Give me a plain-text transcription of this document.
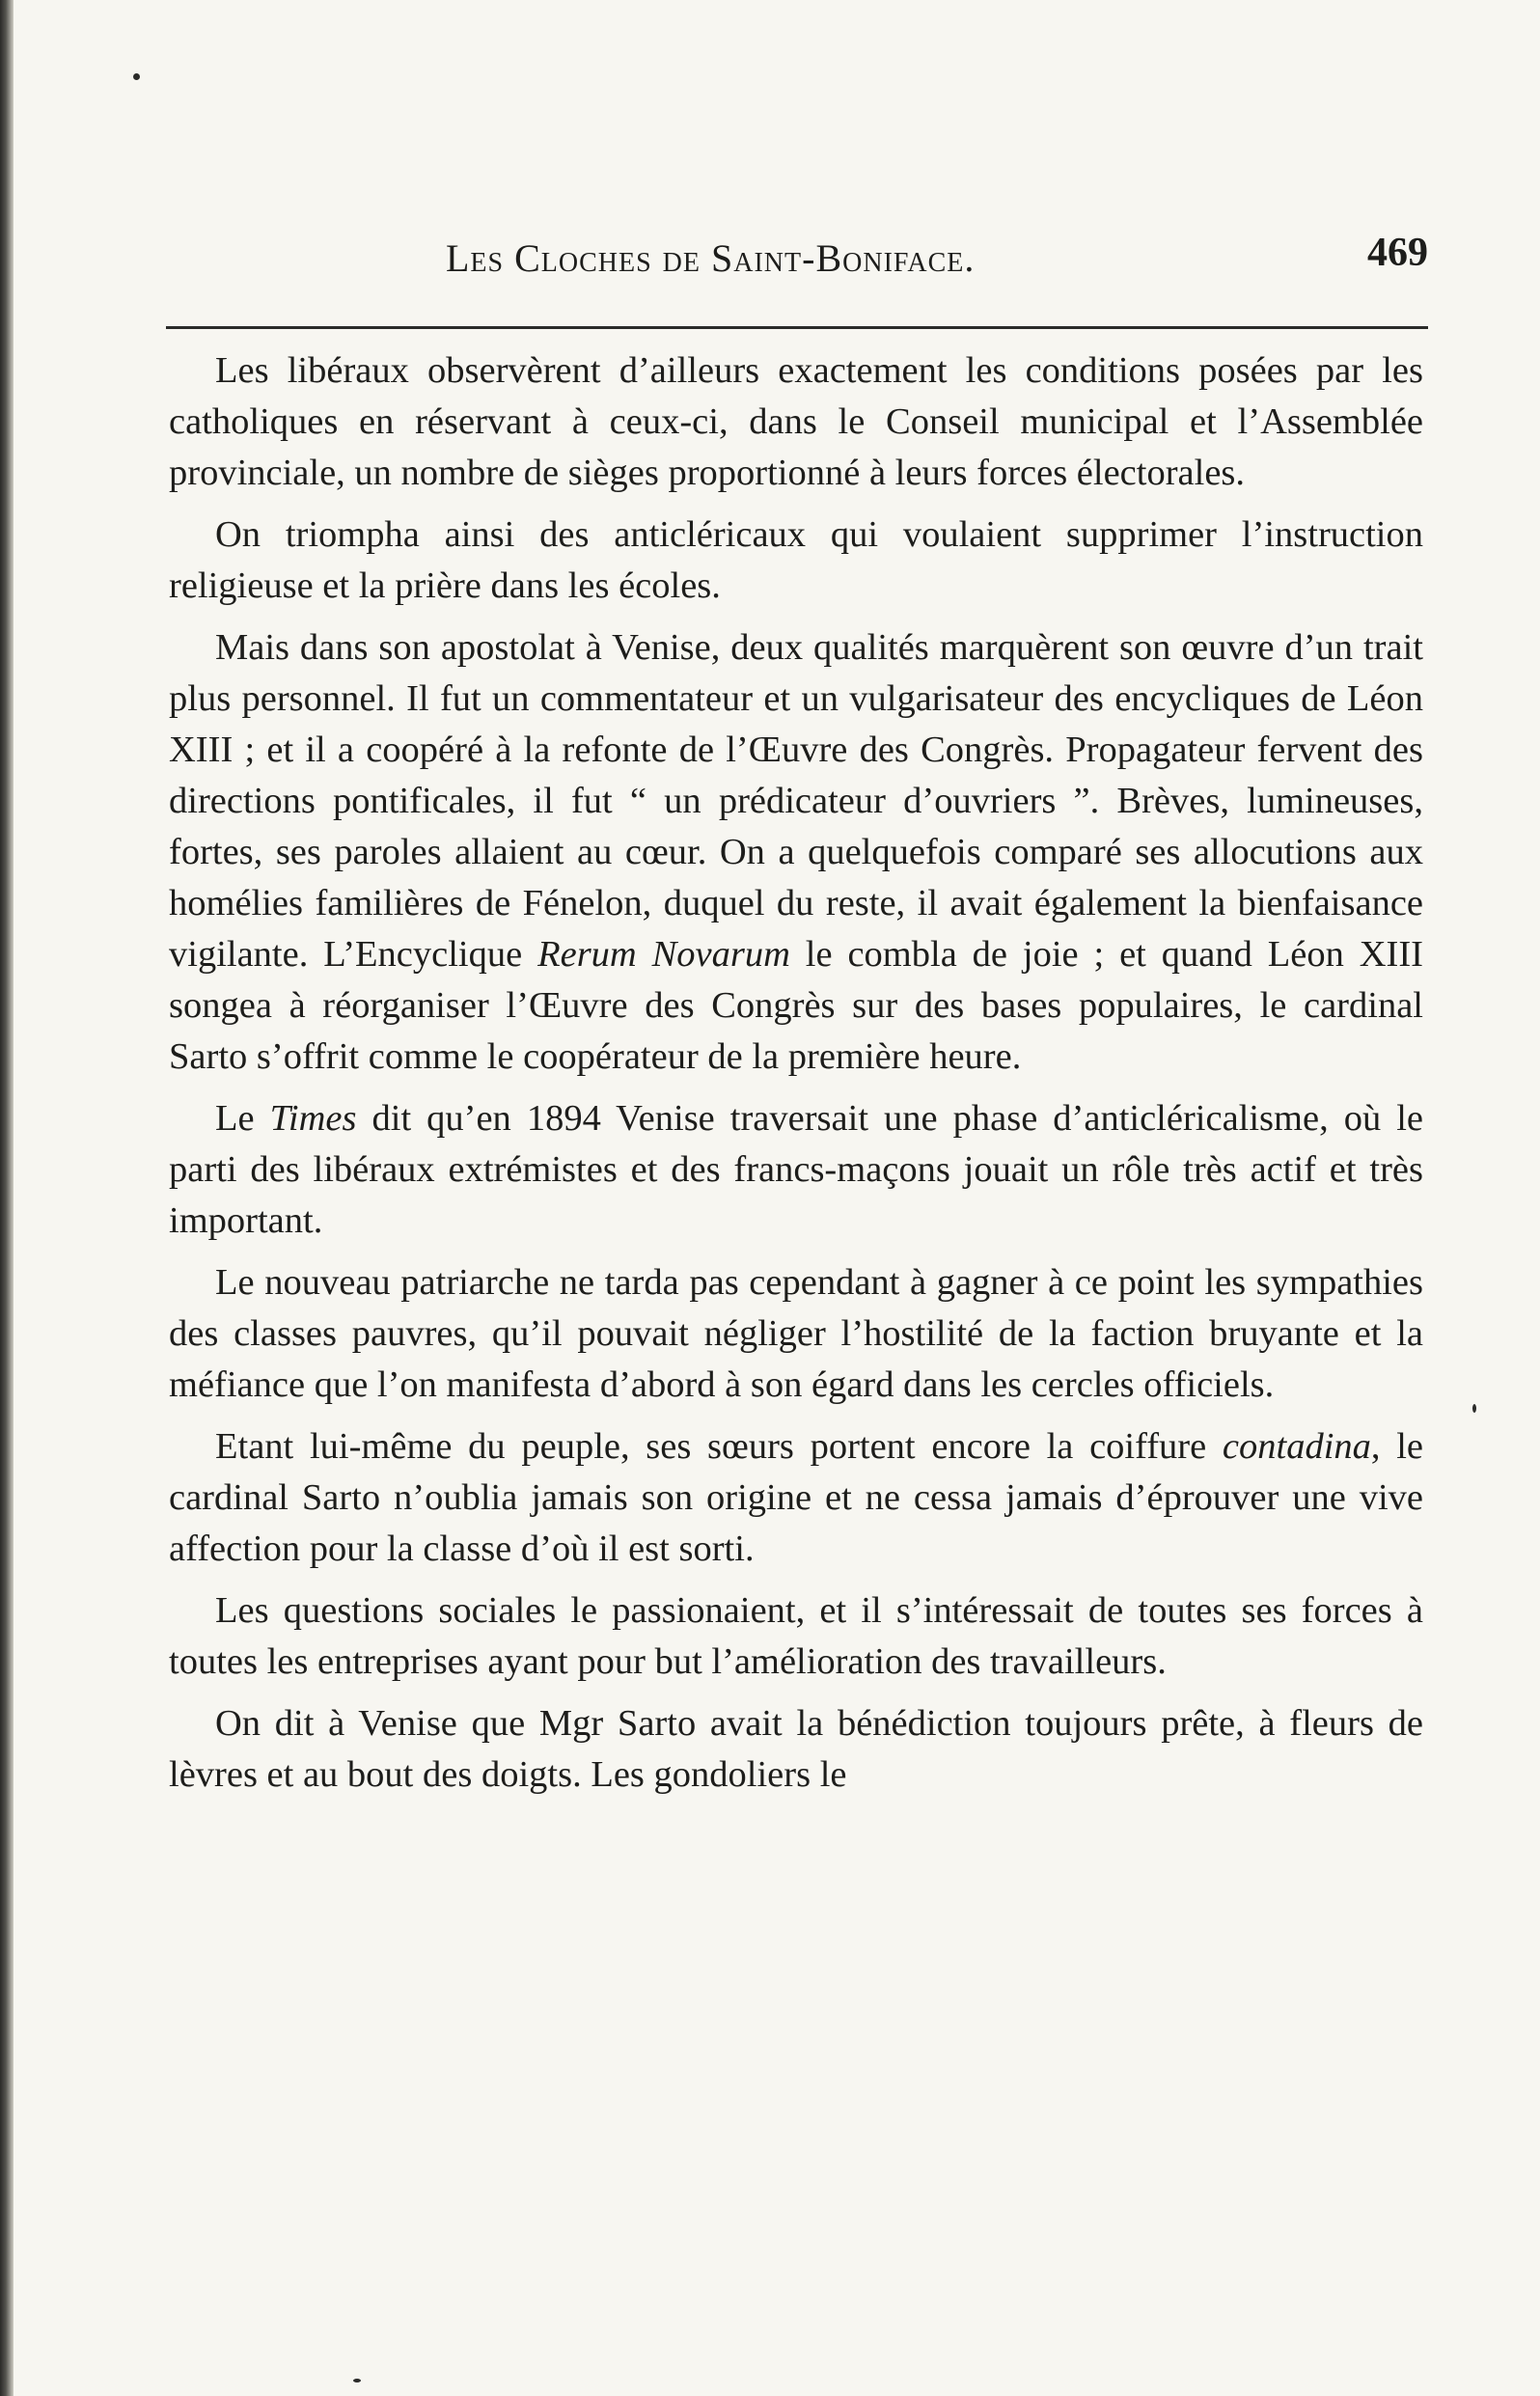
Les Cloches de Saint-Boniface.	469

Les libéraux observèrent d’ailleurs exactement les conditions posées par les catholiques en réservant à ceux-ci, dans le Conseil municipal et l’Assemblée provinciale, un nombre de sièges proportionné à leurs forces électorales.

On triompha ainsi des anticléricaux qui voulaient supprimer l’instruction religieuse et la prière dans les écoles.

Mais dans son apostolat à Venise, deux qualités marquèrent son œuvre d’un trait plus personnel. Il fut un commentateur et un vulgarisateur des encycliques de Léon XIII ; et il a coopéré à la refonte de l’Œuvre des Congrès. Propagateur fervent des directions pontificales, il fut “ un prédicateur d’ouvriers ”. Brèves, lumineuses, fortes, ses paroles allaient au cœur. On a quelquefois comparé ses allocutions aux homélies familières de Fénelon, duquel du reste, il avait également la bienfaisance vigilante. L’Encyclique Rerum Novarum le combla de joie ; et quand Léon XIII songea à réorganiser l’Œuvre des Congrès sur des bases populaires, le cardinal Sarto s’offrit comme le coopérateur de la première heure.

Le Times dit qu’en 1894 Venise traversait une phase d’anticléricalisme, où le parti des libéraux extrémistes et des francs-maçons jouait un rôle très actif et très important.

Le nouveau patriarche ne tarda pas cependant à gagner à ce point les sympathies des classes pauvres, qu’il pouvait négliger l’hostilité de la faction bruyante et la méfiance que l’on manifesta d’abord à son égard dans les cercles officiels.

Etant lui-même du peuple, ses sœurs portent encore la coiffure contadina, le cardinal Sarto n’oublia jamais son origine et ne cessa jamais d’éprouver une vive affection pour la classe d’où il est sorti.

Les questions sociales le passionaient, et il s’intéressait de toutes ses forces à toutes les entreprises ayant pour but l’amélioration des travailleurs.

On dit à Venise que Mgr Sarto avait la bénédiction toujours prête, à fleurs de lèvres et au bout des doigts. Les gondoliers le
